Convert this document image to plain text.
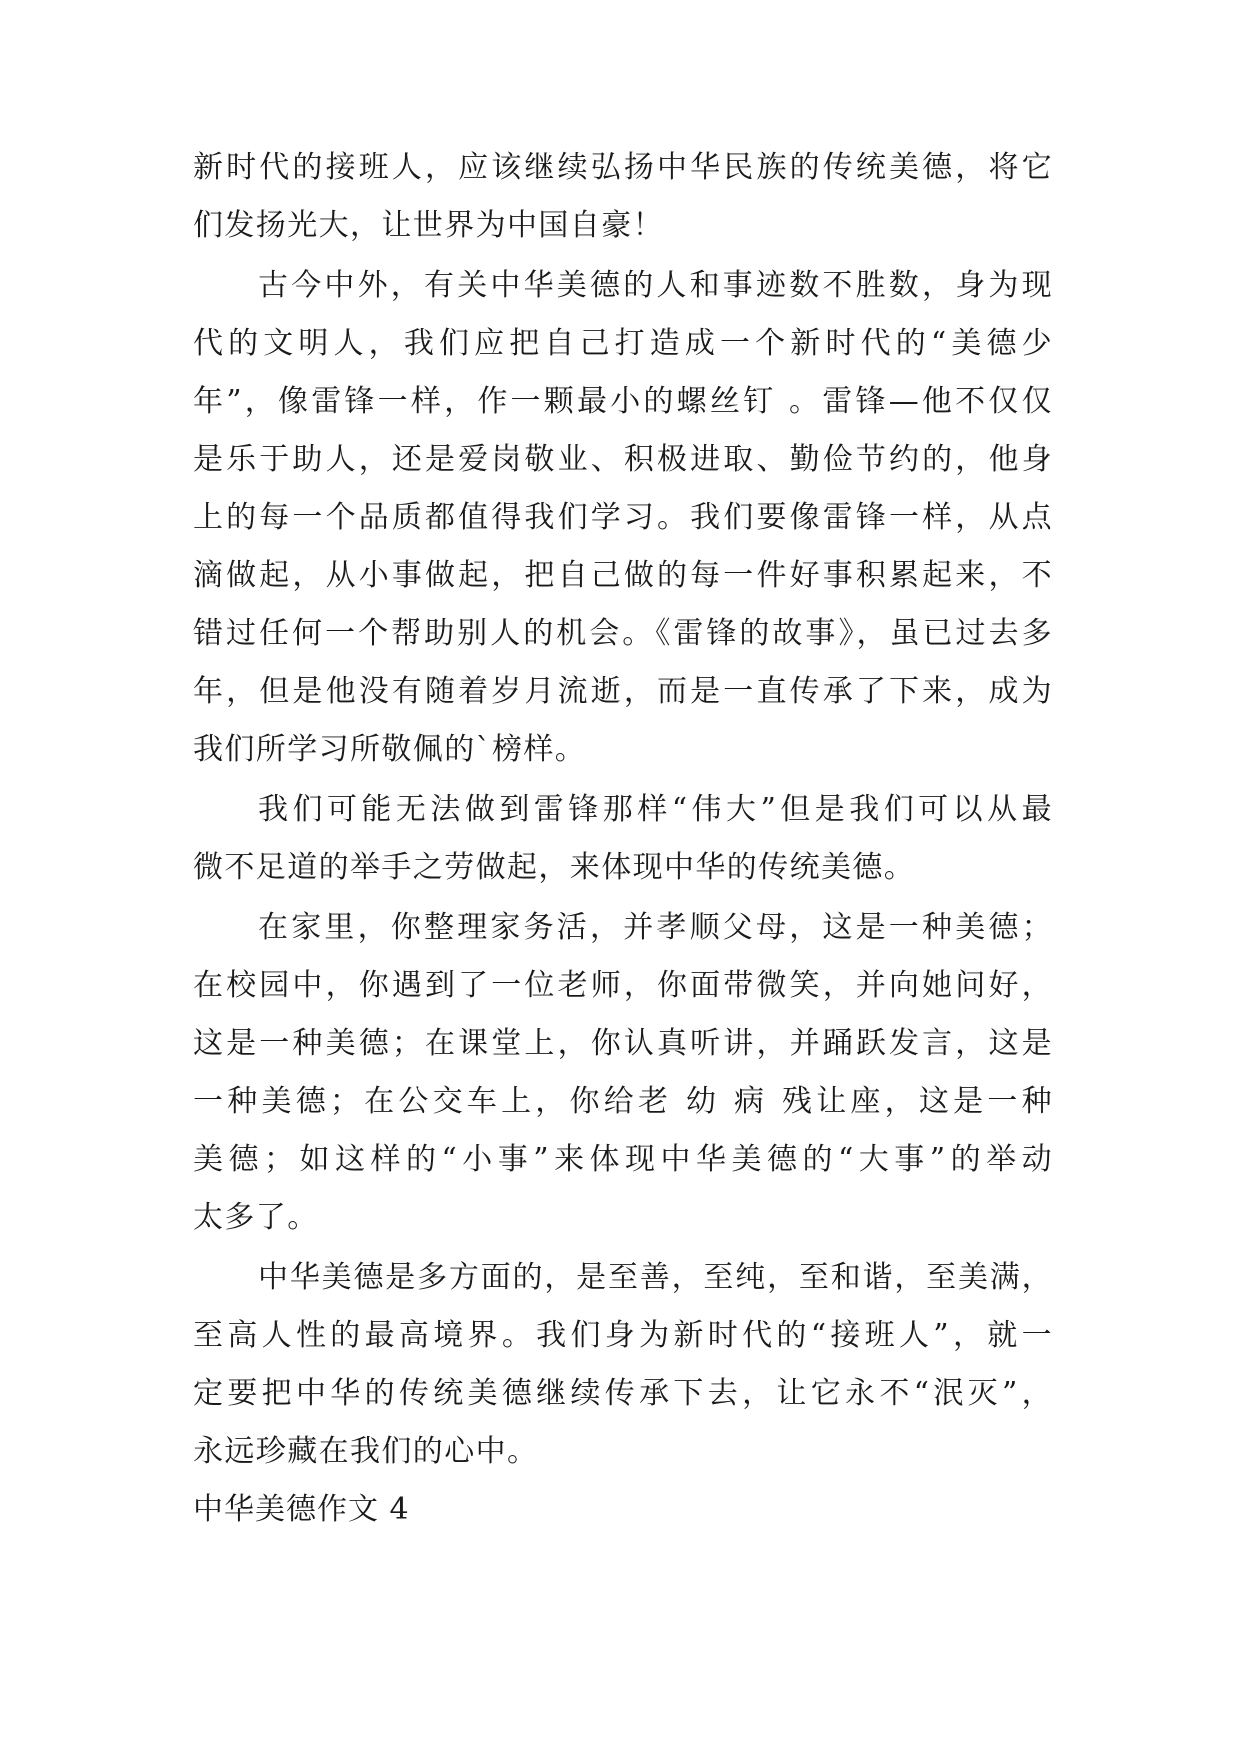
新时代的接班人，应该继续弘扬中华民族的传统美德，将它
们发扬光大，让世界为中国自豪！
古今中外，有关中华美德的人和事迹数不胜数，身为现
代的文明人，我们应把自己打造成一个新时代的“美德少
年”，像雷锋一样，作一颗最小的螺丝钉 。雷锋—他不仅仅
是乐于助人，还是爱岗敬业、积极进取、勤俭节约的，他身
上的每一个品质都值得我们学习。我们要像雷锋一样，从点
滴做起，从小事做起，把自己做的每一件好事积累起来，不
错过任何一个帮助别人的机会。《雷锋的故事》，虽已过去多
年，但是他没有随着岁月流逝，而是一直传承了下来，成为
我们所学习所敬佩的`榜样。
我们可能无法做到雷锋那样“伟大”但是我们可以从最
微不足道的举手之劳做起，来体现中华的传统美德。
在家里，你整理家务活，并孝顺父母，这是一种美德；
在校园中，你遇到了一位老师，你面带微笑，并向她问好，
这是一种美德；在课堂上，你认真听讲，并踊跃发言，这是
一种美德；在公交车上，你给老 幼 病 残让座，这是一种
美德；如这样的“小事”来体现中华美德的“大事”的举动
太多了。
中华美德是多方面的，是至善，至纯，至和谐，至美满，
至高人性的最高境界。我们身为新时代的“接班人”，就一
定要把中华的传统美德继续传承下去，让它永不“泯灭”，
永远珍藏在我们的心中。
中华美德作文 4
